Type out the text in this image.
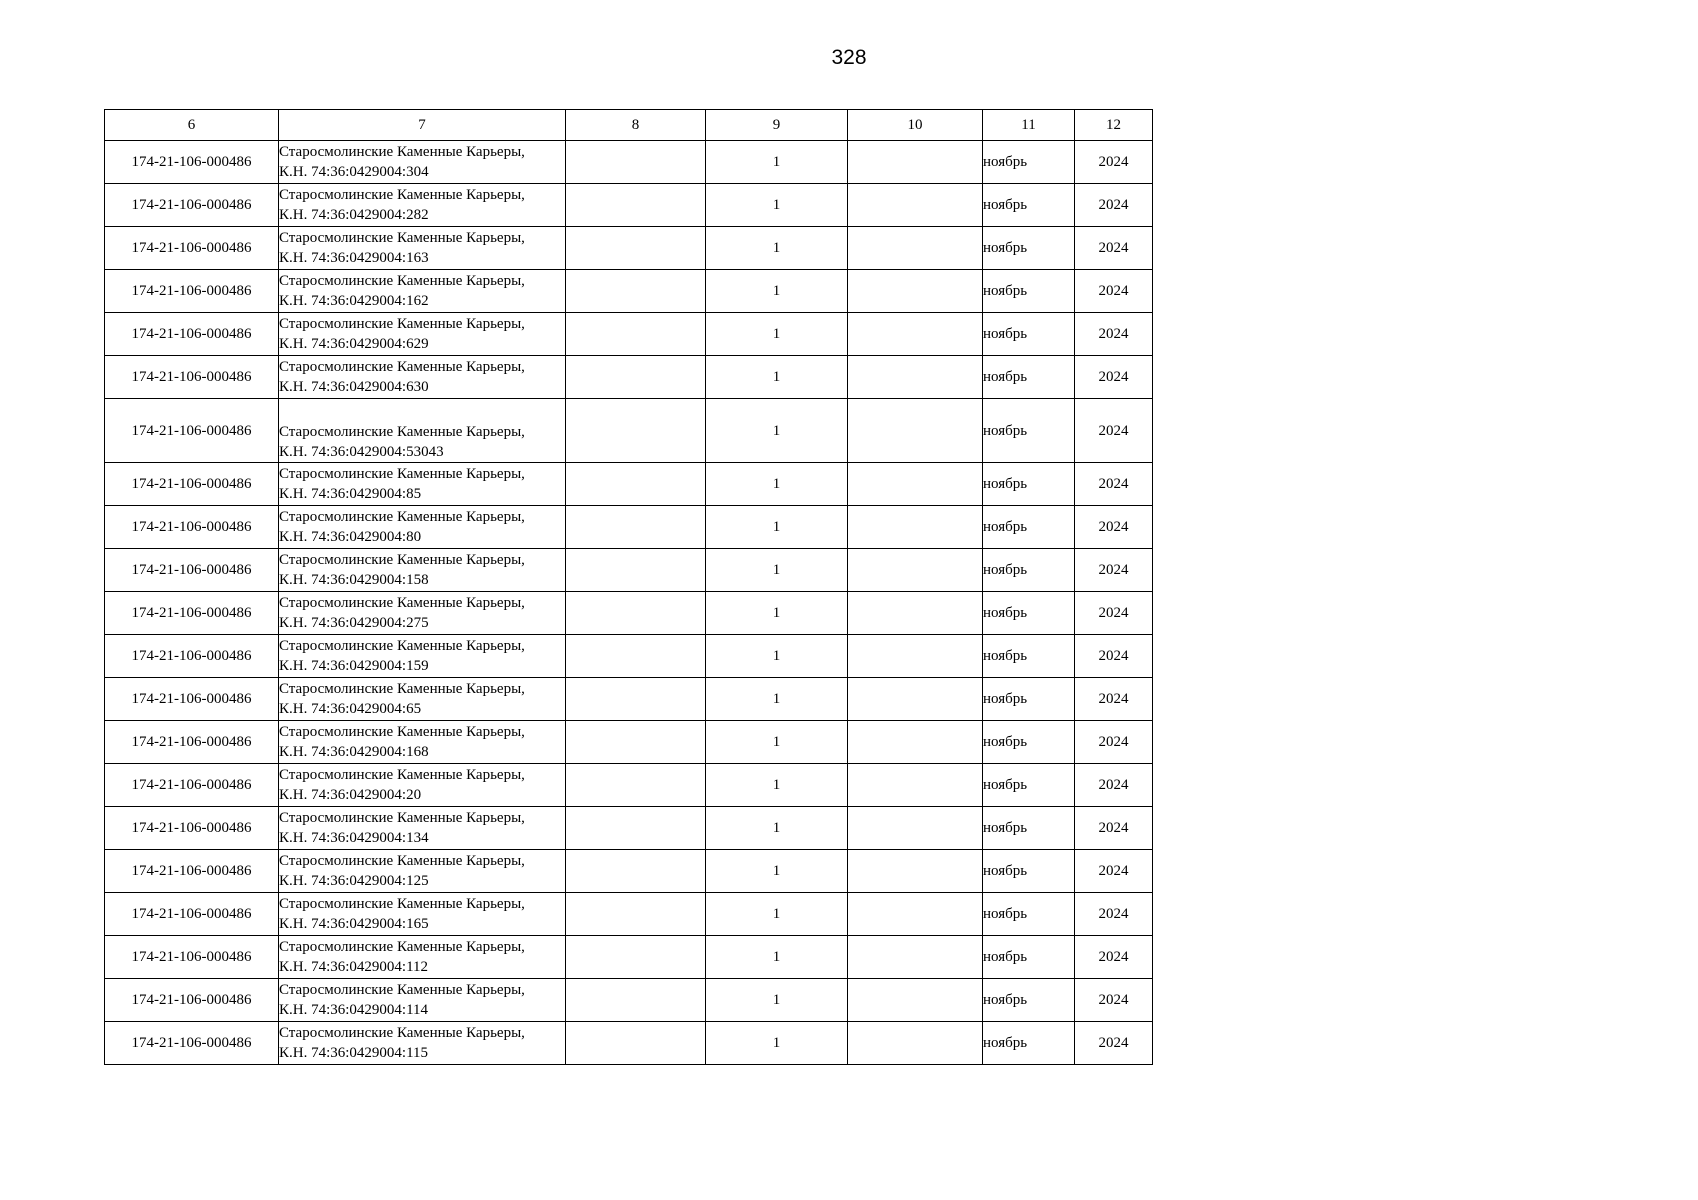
328
6	7	8	9	10	11	12
174-21-106-000486	Старосмолинские Каменные Карьеры,
К.Н. 74:36:0429004:304		1		ноябрь	2024
174-21-106-000486	Старосмолинские Каменные Карьеры,
К.Н. 74:36:0429004:282		1		ноябрь	2024
174-21-106-000486	Старосмолинские Каменные Карьеры,
К.Н. 74:36:0429004:163		1		ноябрь	2024
174-21-106-000486	Старосмолинские Каменные Карьеры,
К.Н. 74:36:0429004:162		1		ноябрь	2024
174-21-106-000486	Старосмолинские Каменные Карьеры,
К.Н. 74:36:0429004:629		1		ноябрь	2024
174-21-106-000486	Старосмолинские Каменные Карьеры,
К.Н. 74:36:0429004:630		1		ноябрь	2024
174-21-106-000486	Старосмолинские Каменные Карьеры,
К.Н. 74:36:0429004:53043		1		ноябрь	2024
174-21-106-000486	Старосмолинские Каменные Карьеры,
К.Н. 74:36:0429004:85		1		ноябрь	2024
174-21-106-000486	Старосмолинские Каменные Карьеры,
К.Н. 74:36:0429004:80		1		ноябрь	2024
174-21-106-000486	Старосмолинские Каменные Карьеры,
К.Н. 74:36:0429004:158		1		ноябрь	2024
174-21-106-000486	Старосмолинские Каменные Карьеры,
К.Н. 74:36:0429004:275		1		ноябрь	2024
174-21-106-000486	Старосмолинские Каменные Карьеры,
К.Н. 74:36:0429004:159		1		ноябрь	2024
174-21-106-000486	Старосмолинские Каменные Карьеры,
К.Н. 74:36:0429004:65		1		ноябрь	2024
174-21-106-000486	Старосмолинские Каменные Карьеры,
К.Н. 74:36:0429004:168		1		ноябрь	2024
174-21-106-000486	Старосмолинские Каменные Карьеры,
К.Н. 74:36:0429004:20		1		ноябрь	2024
174-21-106-000486	Старосмолинские Каменные Карьеры,
К.Н. 74:36:0429004:134		1		ноябрь	2024
174-21-106-000486	Старосмолинские Каменные Карьеры,
К.Н. 74:36:0429004:125		1		ноябрь	2024
174-21-106-000486	Старосмолинские Каменные Карьеры,
К.Н. 74:36:0429004:165		1		ноябрь	2024
174-21-106-000486	Старосмолинские Каменные Карьеры,
К.Н. 74:36:0429004:112		1		ноябрь	2024
174-21-106-000486	Старосмолинские Каменные Карьеры,
К.Н. 74:36:0429004:114		1		ноябрь	2024
174-21-106-000486	Старосмолинские Каменные Карьеры,
К.Н. 74:36:0429004:115		1		ноябрь	2024
